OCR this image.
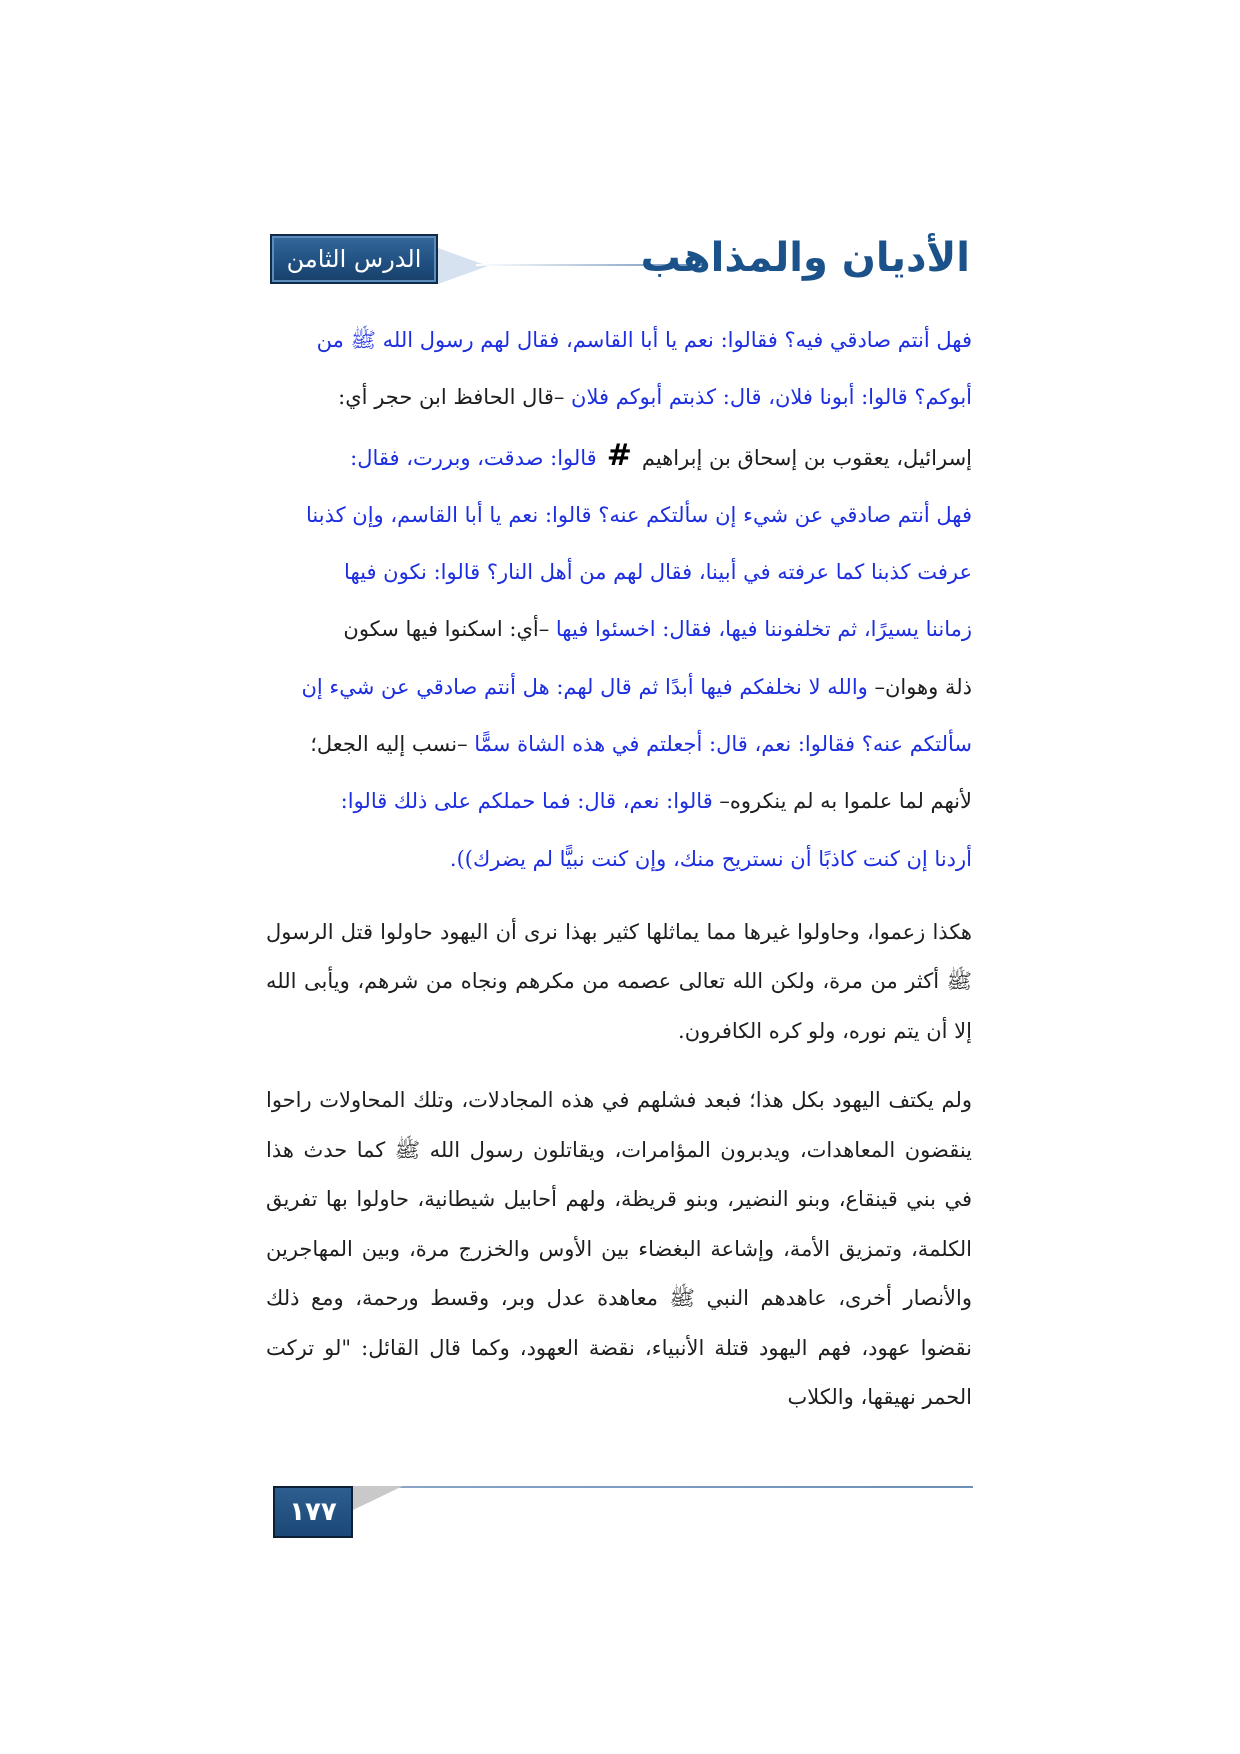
الدرس الثامن	الأديان والمذاهب

فهل أنتم صادقي فيه؟ فقالوا: نعم يا أبا القاسم، فقال لهم رسول الله ﷺ من

أبوكم؟ قالوا: أبونا فلان، قال: كذبتم أبوكم فلان –قال الحافظ ابن حجر أي:

إسرائيل، يعقوب بن إسحاق بن إبراهيم#قالوا: صدقت، وبررت، فقال:

فهل أنتم صادقي عن شيء إن سألتكم عنه؟ قالوا: نعم يا أبا القاسم، وإن كذبنا

عرفت كذبنا كما عرفته في أبينا، فقال لهم من أهل النار؟ قالوا: نكون فيها

زماننا يسيرًا، ثم تخلفوننا فيها، فقال: اخسئوا فيها –أي: اسكنوا فيها سكون

ذلة وهوان– والله لا نخلفكم فيها أبدًا ثم قال لهم: هل أنتم صادقي عن شيء إن

سألتكم عنه؟ فقالوا: نعم، قال: أجعلتم في هذه الشاة سمًّا –نسب إليه الجعل؛

لأنهم لما علموا به لم ينكروه– قالوا: نعم، قال: فما حملكم على ذلك قالوا:

أردنا إن كنت كاذبًا أن نستريح منك، وإن كنت نبيًّا لم يضرك)).

هكذا زعموا، وحاولوا غيرها مما يماثلها كثير بهذا نرى أن اليهود حاولوا قتل الرسول ﷺ أكثر من مرة، ولكن الله تعالى عصمه من مكرهم ونجاه من شرهم، ويأبى الله إلا أن يتم نوره، ولو كره الكافرون.

ولم يكتف اليهود بكل هذا؛ فبعد فشلهم في هذه المجادلات، وتلك المحاولات راحوا ينقضون المعاهدات، ويدبرون المؤامرات، ويقاتلون رسول الله ﷺ كما حدث هذا في بني قينقاع، وبنو النضير، وبنو قريظة، ولهم أحابيل شيطانية، حاولوا بها تفريق الكلمة، وتمزيق الأمة، وإشاعة البغضاء بين الأوس والخزرج مرة، وبين المهاجرين والأنصار أخرى، عاهدهم النبي ﷺ معاهدة عدل وبر، وقسط ورحمة، ومع ذلك نقضوا عهود، فهم اليهود قتلة الأنبياء، نقضة العهود، وكما قال القائل: "لو تركت الحمر نهيقها، والكلاب

١٧٧
